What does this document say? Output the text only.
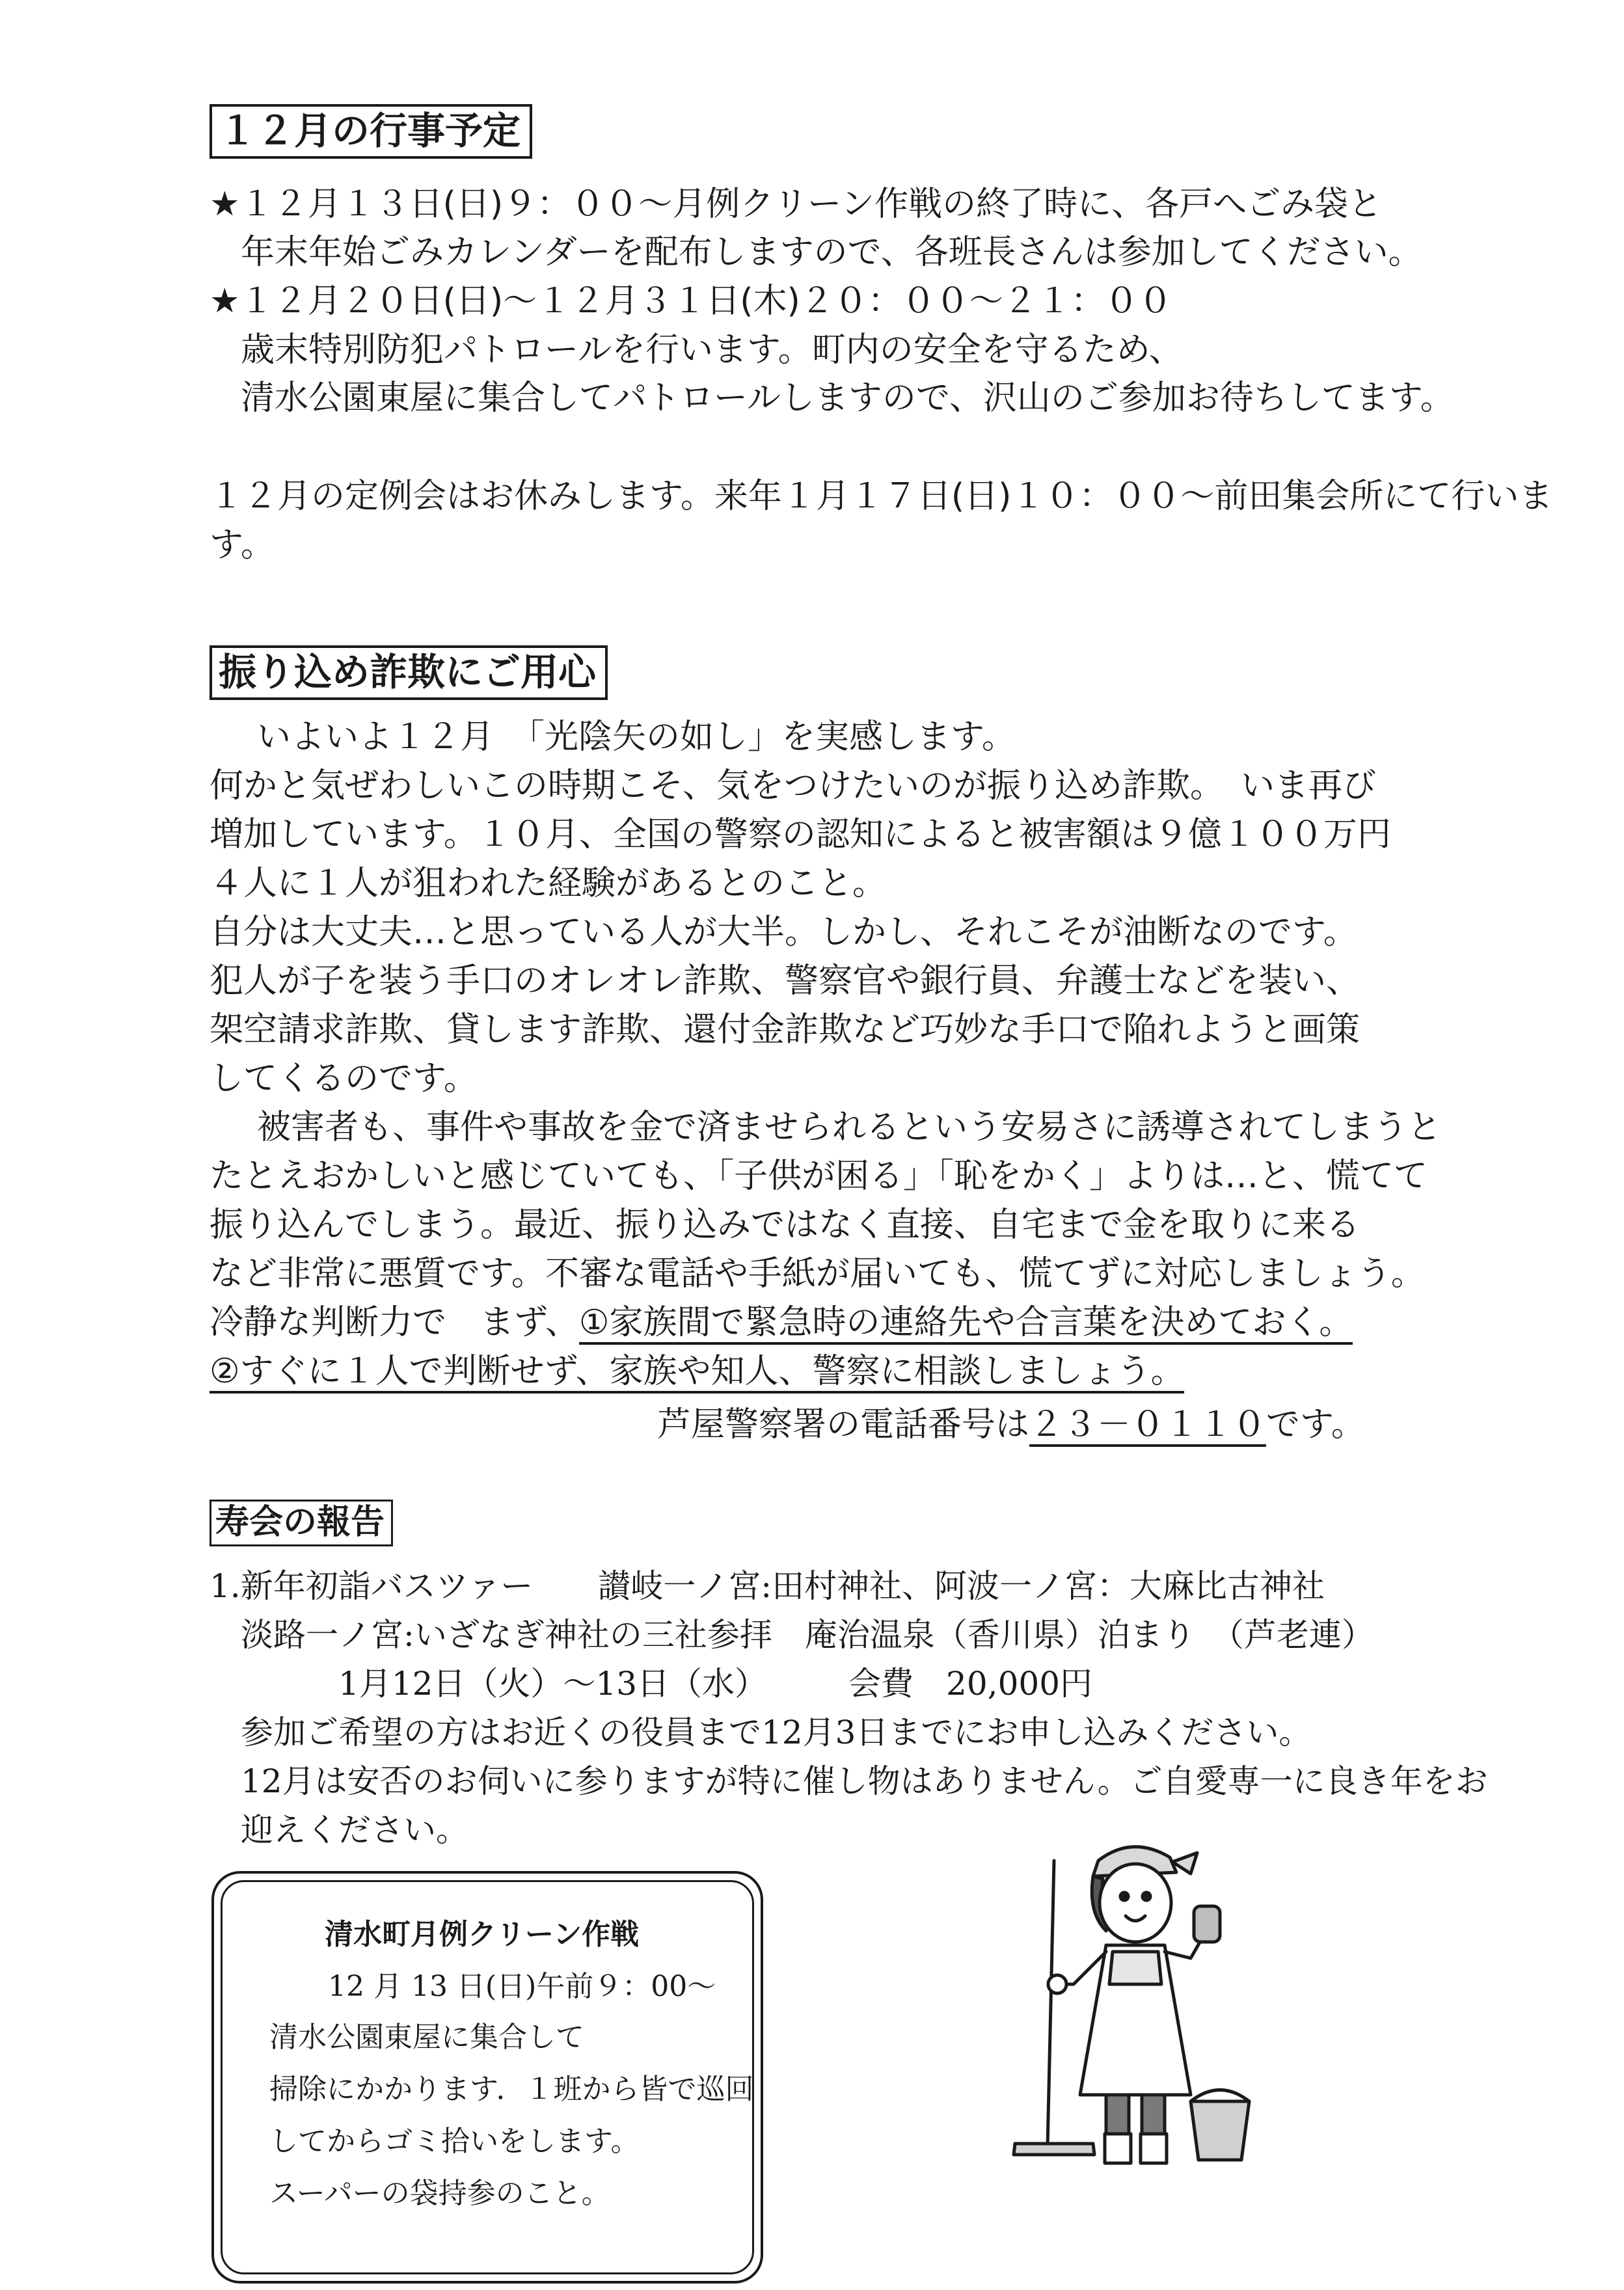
１２月の行事予定
★１２月１３日(日)９：００～月例クリーン作戦の終了時に、各戸へごみ袋と
年末年始ごみカレンダーを配布しますので、各班長さんは参加してください。
★１２月２０日(日)～１２月３１日(木)２０：００～２１：００
歳末特別防犯パトロールを行います。町内の安全を守るため、
清水公園東屋に集合してパトロールしますので、沢山のご参加お待ちしてます。
１２月の定例会はお休みします。来年１月１７日(日)１０：００～前田集会所にて行いま
す。
振り込め詐欺にご用心
いよいよ１２月　「光陰矢の如し」を実感します。
何かと気ぜわしいこの時期こそ、気をつけたいのが振り込め詐欺。　いま再び
増加しています。１０月、全国の警察の認知によると被害額は９億１００万円
４人に１人が狙われた経験があるとのこと。
自分は大丈夫…と思っている人が大半。しかし、それこそが油断なのです。
犯人が子を装う手口のオレオレ詐欺、警察官や銀行員、弁護士などを装い、
架空請求詐欺、貸します詐欺、還付金詐欺など巧妙な手口で陥れようと画策
してくるのです。
被害者も、事件や事故を金で済ませられるという安易さに誘導されてしまうと
たとえおかしいと感じていても、「子供が困る」「恥をかく」よりは…と、慌てて
振り込んでしまう。最近、振り込みではなく直接、自宅まで金を取りに来る
など非常に悪質です。不審な電話や手紙が届いても、慌てずに対応しましょう。
冷静な判断力で　まず、①家族間で緊急時の連絡先や合言葉を決めておく。
②すぐに１人で判断せず、家族や知人、警察に相談しましょう。
芦屋警察署の電話番号は２３－０１１０です。
寿会の報告
1.新年初詣バスツァー　　讃岐一ノ宮:田村神社、阿波一ノ宮：大麻比古神社
淡路一ノ宮:いざなぎ神社の三社参拝　庵治温泉（香川県）泊まり　（芦老連）
1月12日（火）～13日（水）　　　会費　20,000円
参加ご希望の方はお近くの役員まで12月3日までにお申し込みください。
12月は安否のお伺いに参りますが特に催し物はありません。ご自愛専一に良き年をお
迎えください。
清水町月例クリーン作戦
12 月 13 日(日)午前９：00～
清水公園東屋に集合して
掃除にかかります．１班から皆で巡回
してからゴミ拾いをします。
スーパーの袋持参のこと。
